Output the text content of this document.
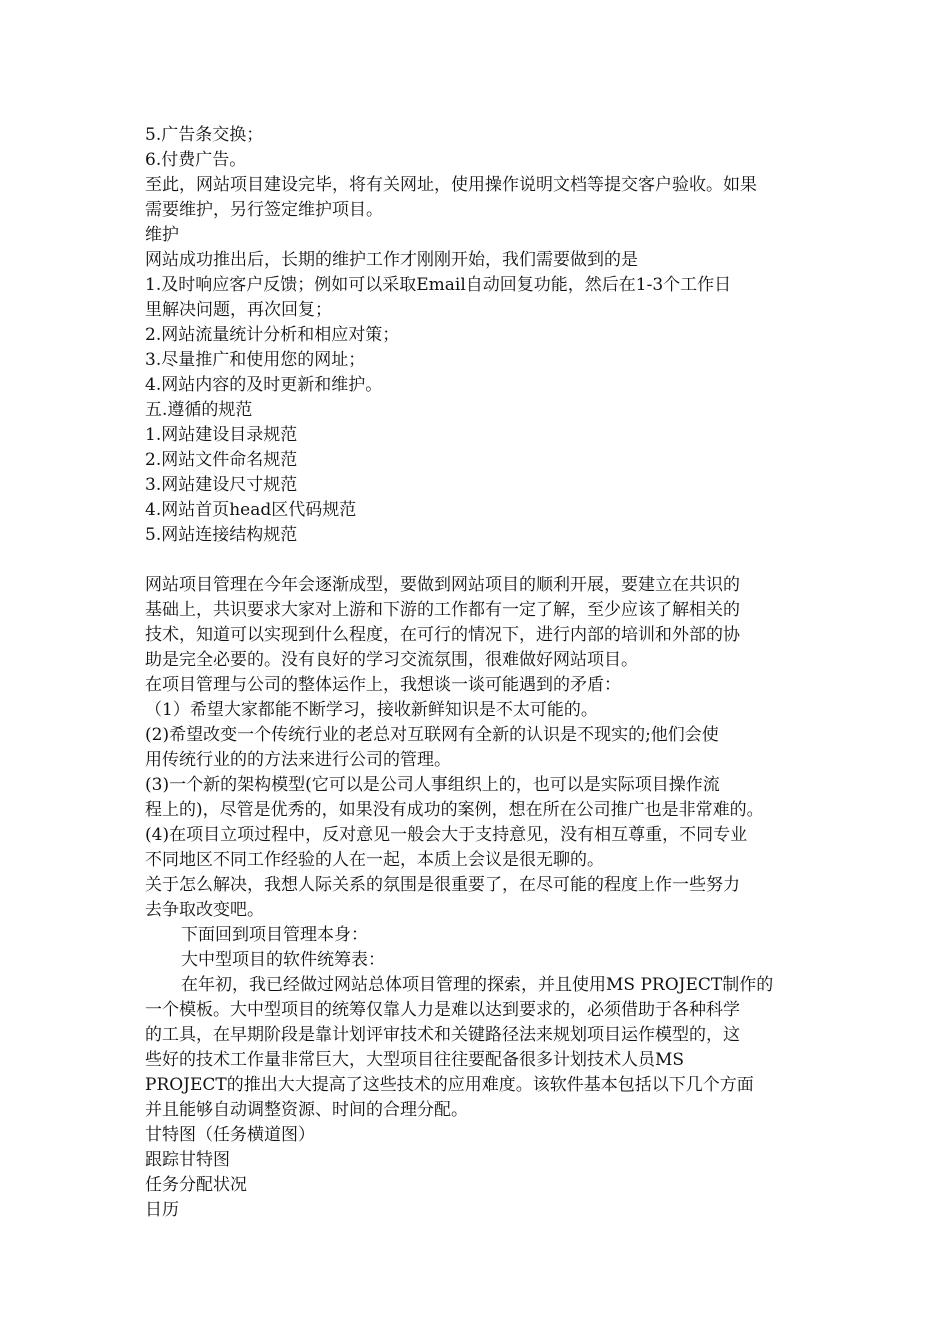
5.广告条交换；
6.付费广告。
至此，网站项目建设完毕，将有关网址，使用操作说明文档等提交客户验收。如果
需要维护，另行签定维护项目。
维护
网站成功推出后，长期的维护工作才刚刚开始，我们需要做到的是
1.及时响应客户反馈；例如可以采取Email自动回复功能，然后在1-3个工作日
里解决问题，再次回复；
2.网站流量统计分析和相应对策；
3.尽量推广和使用您的网址；
4.网站内容的及时更新和维护。
五.遵循的规范
1.网站建设目录规范
2.网站文件命名规范
3.网站建设尺寸规范
4.网站首页head区代码规范
5.网站连接结构规范
网站项目管理在今年会逐渐成型，要做到网站项目的顺利开展，要建立在共识的
基础上，共识要求大家对上游和下游的工作都有一定了解，至少应该了解相关的
技术，知道可以实现到什么程度，在可行的情况下，进行内部的培训和外部的协
助是完全必要的。没有良好的学习交流氛围，很难做好网站项目。
在项目管理与公司的整体运作上，我想谈一谈可能遇到的矛盾：
（1）希望大家都能不断学习，接收新鲜知识是不太可能的。
(2)希望改变一个传统行业的老总对互联网有全新的认识是不现实的;他们会使
用传统行业的的方法来进行公司的管理。
(3)一个新的架构模型(它可以是公司人事组织上的，也可以是实际项目操作流
程上的)，尽管是优秀的，如果没有成功的案例，想在所在公司推广也是非常难的。
(4)在项目立项过程中，反对意见一般会大于支持意见，没有相互尊重，不同专业
不同地区不同工作经验的人在一起，本质上会议是很无聊的。
关于怎么解决，我想人际关系的氛围是很重要了，在尽可能的程度上作一些努力
去争取改变吧。
下面回到项目管理本身：
大中型项目的软件统筹表：
在年初，我已经做过网站总体项目管理的探索，并且使用MS PROJECT制作的
一个模板。大中型项目的统筹仅靠人力是难以达到要求的，必须借助于各种科学
的工具，在早期阶段是靠计划评审技术和关键路径法来规划项目运作模型的，这
些好的技术工作量非常巨大，大型项目往往要配备很多计划技术人员MS
PROJECT的推出大大提高了这些技术的应用难度。该软件基本包括以下几个方面
并且能够自动调整资源、时间的合理分配。
甘特图（任务横道图）
跟踪甘特图
任务分配状况
日历
